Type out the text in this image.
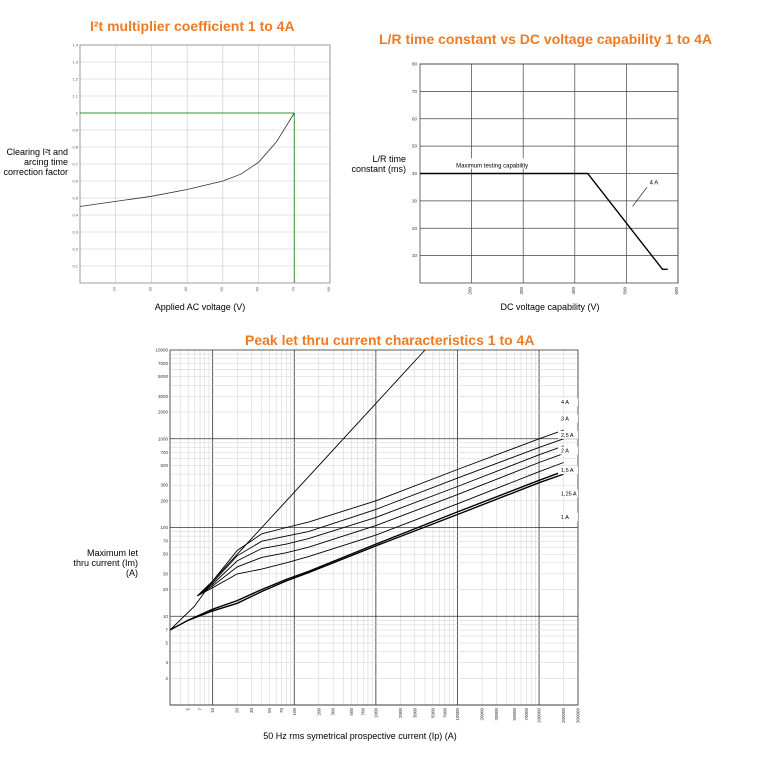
I²t multiplier coefficient 1 to 4A
Clearing I²t and arcing time correction factor
Applied AC voltage (V)
0.1
0.2
0.3
0.4
0.5
0.6
0.7
0.8
0.9
1
1.1
1.2
1.3
1.4
20	30	40	50	60	70	80
L/R time constant vs DC voltage capability 1 to 4A
L/R time constant (ms)
DC voltage capability (V)
10
20
30
40
50
60
70
80
200	300	400	500	600
Maximum testing capability
4 A
Peak let thru current characteristics 1 to 4A
Maximum let thru current (Im) (A)
50 Hz rms symetrical prospective current (Ip) (A)
2
3
5
7
10
20
30
50
70
100
200
300
500
700
1000
2000
3000
5000
7000
10000
5 7 10	20 30	50 70 100	200 300	500 700 1000	2000 3000	5000 7000 10000	20000 30000	50000 70000 100000	200000 300000
4 A
3 A
2,5 A
2 A
1,5 A
1,25 A
1 A
